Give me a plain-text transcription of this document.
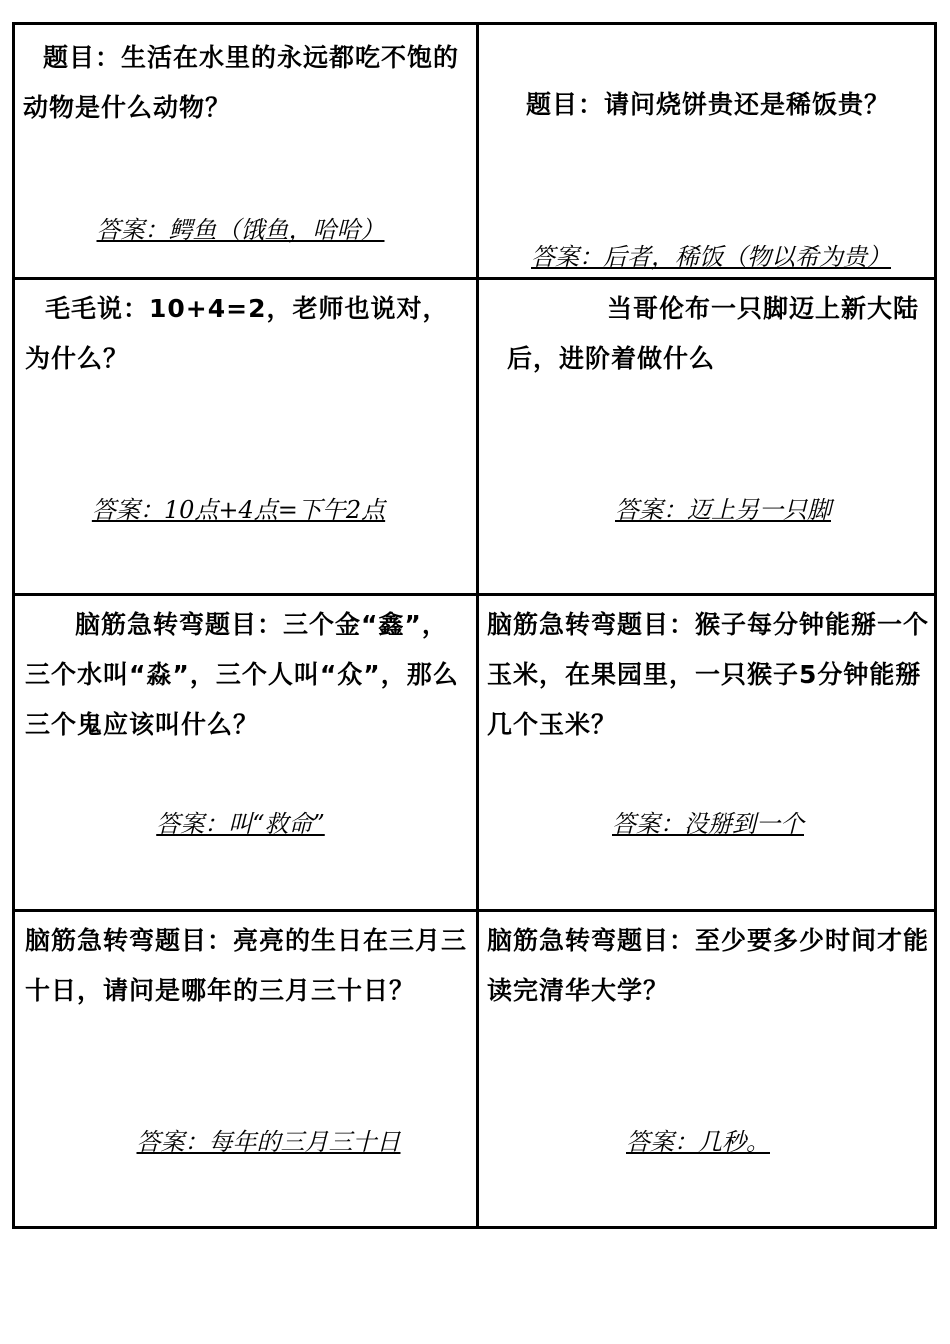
题目：生活在水里的永远都吃不饱的动物是什么动物？

答案：鳄鱼（饿鱼，哈哈）

题目：请问烧饼贵还是稀饭贵？

答案：后者，稀饭（物以希为贵）

毛毛说：10+4=2，老师也说对，为什么？

答案：10点+4点=下午2点

当哥伦布一只脚迈上新大陆后，进阶着做什么

答案：迈上另一只脚

脑筋急转弯题目：三个金“鑫”，三个水叫“淼”，三个人叫“众”，那么三个鬼应该叫什么？

答案：叫“救命”

脑筋急转弯题目：猴子每分钟能掰一个玉米，在果园里，一只猴子5分钟能掰几个玉米？

答案：没掰到一个

脑筋急转弯题目：亮亮的生日在三月三十日，请问是哪年的三月三十日？

答案：每年的三月三十日

脑筋急转弯题目：至少要多少时间才能读完清华大学？

答案：几秒。
